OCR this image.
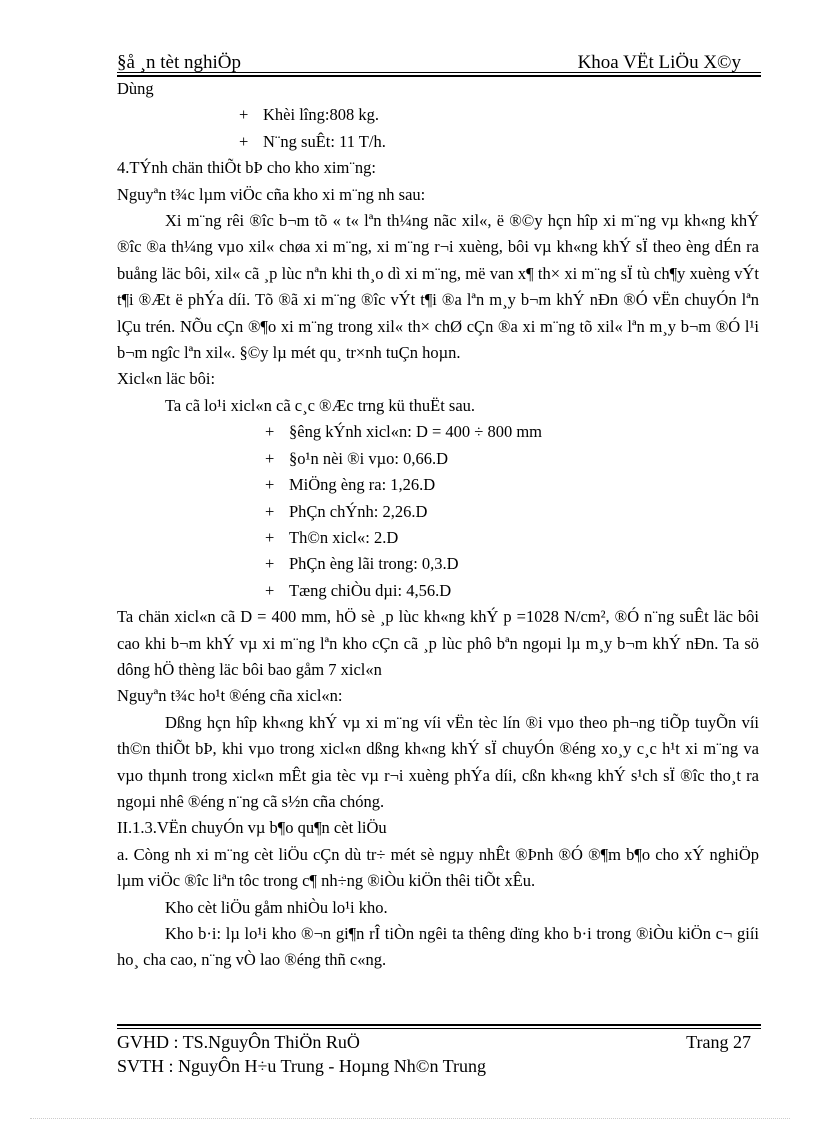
§å ¸n tèt nghiÖp	Khoa VËt LiÖu X©y

Dùng

+ Khèi lîng:808 kg.

+ N¨ng suÊt: 11 T/h.

4.TÝnh chän thiÕt bÞ cho kho xim¨ng:

Nguyªn t¾c lµm viÖc cña kho xi m¨ng nh sau:

Xi m¨ng rêi ®îc b¬m tõ « t« lªn th¼ng nãc xil«, ë ®©y hçn hîp xi m¨ng vµ kh«ng khÝ ®îc ®a th¼ng vµo xil« chøa xi m¨ng, xi m¨ng r¬i xuèng, bôi vµ kh«ng khÝ sÏ theo èng dÉn ra buång läc bôi, xil« cã ¸p lùc nªn khi th¸o dì xi m¨ng, më van x¶ th× xi m¨ng sÏ tù ch¶y xuèng vÝt t¶i ®Æt ë phÝa díi. Tõ ®ã xi m¨ng ®îc vÝt t¶i ®a lªn m¸y b¬m khÝ nÐn ®Ó vËn chuyÓn lªn lÇu trén. NÕu cÇn ®¶o xi m¨ng trong xil« th× chØ cÇn ®a xi m¨ng tõ xil« lªn m¸y b¬m ®Ó l¹i b¬m ngîc lªn xil«. §©y lµ mét qu¸ tr×nh tuÇn hoµn.

Xicl«n läc bôi:

Ta cã lo¹i xicl«n cã c¸c ®Æc trng kü thuËt sau.

+ §êng kÝnh xicl«n: D = 400 ÷ 800 mm

+ §o¹n nèi ®i vµo: 0,66.D

+ MiÖng èng ra: 1,26.D

+ PhÇn chÝnh: 2,26.D

+ Th©n xicl«: 2.D

+ PhÇn èng lãi trong: 0,3.D

+ Tæng chiÒu dµi: 4,56.D

Ta chän xicl«n cã D = 400 mm, hÖ sè ¸p lùc kh«ng khÝ p =1028 N/cm², ®Ó n¨ng suÊt läc bôi cao khi b¬m khÝ vµ xi m¨ng lªn kho cÇn cã ¸p lùc phô bªn ngoµi lµ m¸y b¬m khÝ nÐn. Ta sö dông hÖ thèng läc bôi bao gåm 7 xicl«n

Nguyªn t¾c ho¹t ®éng cña xicl«n:

Dßng hçn hîp kh«ng khÝ vµ xi m¨ng víi vËn tèc lín ®i vµo theo ph¬ng tiÕp tuyÕn víi th©n thiÕt bÞ, khi vµo trong xicl«n dßng kh«ng khÝ sÏ chuyÓn ®éng xo¸y c¸c h¹t xi m¨ng va vµo thµnh trong xicl«n mÊt gia tèc vµ r¬i xuèng phÝa díi, cßn kh«ng khÝ s¹ch sÏ ®îc tho¸t ra ngoµi nhê ®éng n¨ng cã s½n cña chóng.

II.1.3.VËn chuyÓn vµ b¶o qu¶n cèt liÖu

a. Còng nh xi m¨ng cèt liÖu cÇn dù tr÷ mét sè ngµy nhÊt ®Þnh ®Ó ®¶m b¶o cho xÝ nghiÖp lµm viÖc ®îc liªn tôc trong c¶ nh÷ng ®iÒu kiÖn thêi tiÕt xÊu.

Kho cèt liÖu gåm nhiÒu lo¹i kho.

Kho b·i: lµ lo¹i kho ®¬n gi¶n rÎ tiÒn ngêi ta thêng dïng kho b·i trong ®iÒu kiÖn c¬ giíi ho¸ cha cao, n¨ng vÒ lao ®éng thñ c«ng.

GVHD : TS.NguyÔn ThiÖn RuÖ	Trang 27
SVTH : NguyÔn H÷u Trung - Hoµng Nh©n Trung
